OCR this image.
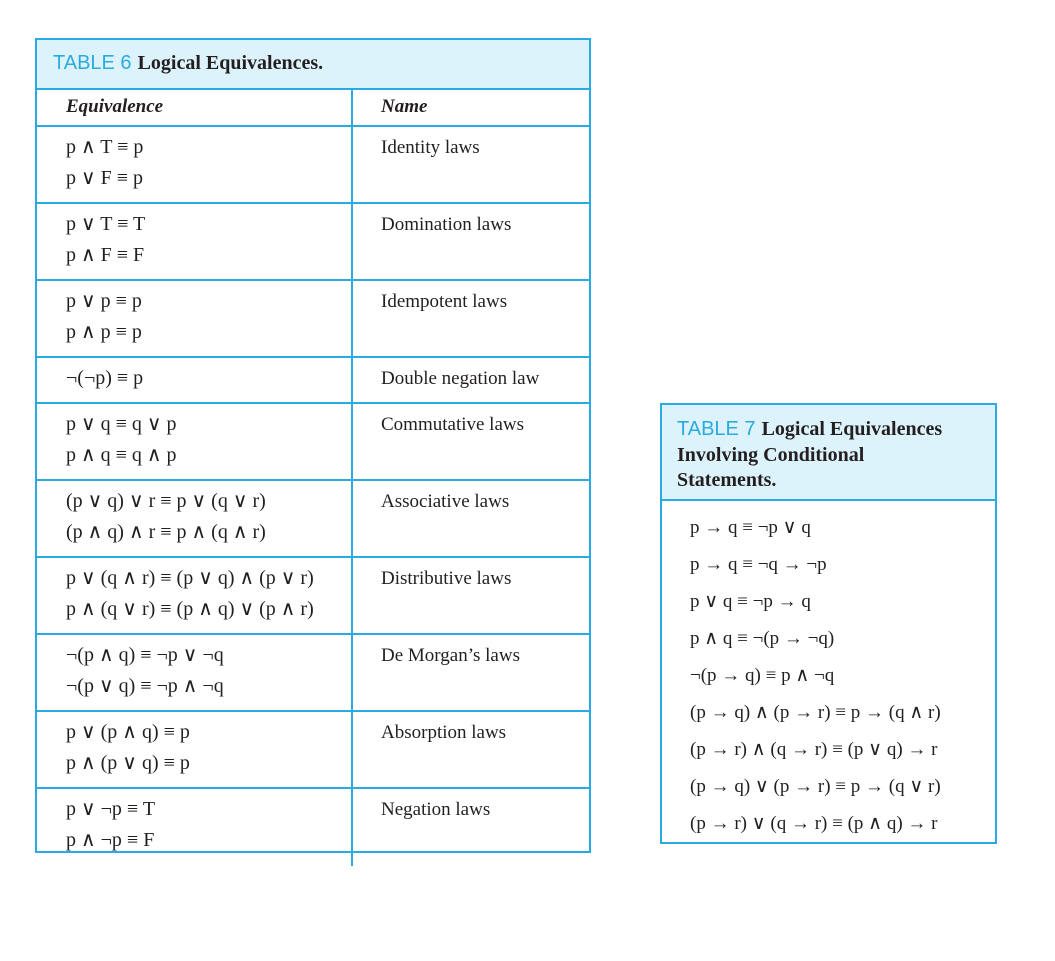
TABLE 6 Logical Equivalences.
Equivalence	Name
p ∧ T ≡ p
p ∨ F ≡ p
Identity laws
p ∨ T ≡ T
p ∧ F ≡ F
Domination laws
p ∨ p ≡ p
p ∧ p ≡ p
Idempotent laws
¬(¬p) ≡ p	Double negation law
p ∨ q ≡ q ∨ p
p ∧ q ≡ q ∧ p
Commutative laws
(p ∨ q) ∨ r ≡ p ∨ (q ∨ r)
(p ∧ q) ∧ r ≡ p ∧ (q ∧ r)
Associative laws
p ∨ (q ∧ r) ≡ (p ∨ q) ∧ (p ∨ r)
p ∧ (q ∨ r) ≡ (p ∧ q) ∨ (p ∧ r)
Distributive laws
¬(p ∧ q) ≡ ¬p ∨ ¬q
¬(p ∨ q) ≡ ¬p ∧ ¬q
De Morgan’s laws
p ∨ (p ∧ q) ≡ p
p ∧ (p ∨ q) ≡ p
Absorption laws
p ∨ ¬p ≡ T
p ∧ ¬p ≡ F
Negation laws
TABLE 7 Logical Equivalences
Involving Conditional
Statements.
p → q ≡ ¬p ∨ q
p → q ≡ ¬q → ¬p
p ∨ q ≡ ¬p → q
p ∧ q ≡ ¬(p → ¬q)
¬(p → q) ≡ p ∧ ¬q
(p → q) ∧ (p → r) ≡ p → (q ∧ r)
(p → r) ∧ (q → r) ≡ (p ∨ q) → r
(p → q) ∨ (p → r) ≡ p → (q ∨ r)
(p → r) ∨ (q → r) ≡ (p ∧ q) → r
